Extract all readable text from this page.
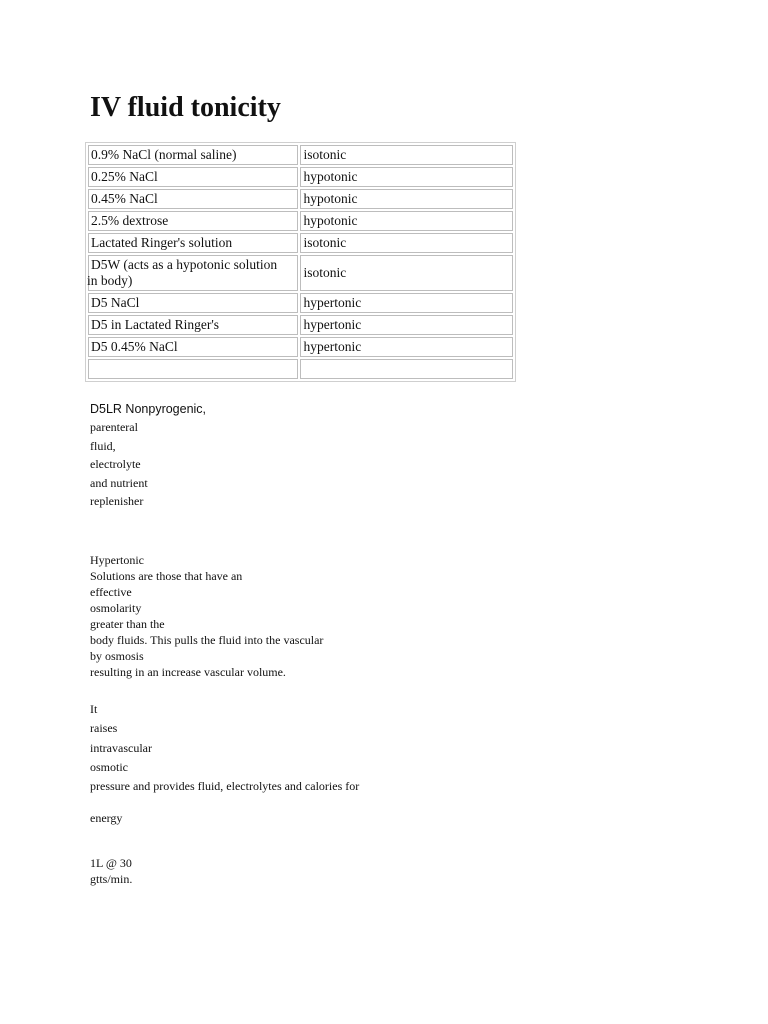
IV fluid tonicity
0.9% NaCl (normal saline)	isotonic
0.25% NaCl	hypotonic
0.45% NaCl	hypotonic
2.5% dextrose	hypotonic
Lactated Ringer's solution	isotonic

D5W (acts as a hypotonic solution
in body)	isotonic
D5 NaCl	hypertonic
D5 in Lactated Ringer's	hypertonic
D5 0.45% NaCl	hypertonic

D5LR Nonpyrogenic,
parenteral
fluid,
electrolyte
and nutrient
replenisher
Hypertonic
Solutions are those that have an
effective
osmolarity
greater than the
body fluids. This pulls the fluid into the vascular
by osmosis
resulting in an increase vascular volume.
It
raises
intravascular
osmotic
pressure and provides fluid, electrolytes and calories for
energy
1L @ 30
gtts/min.
